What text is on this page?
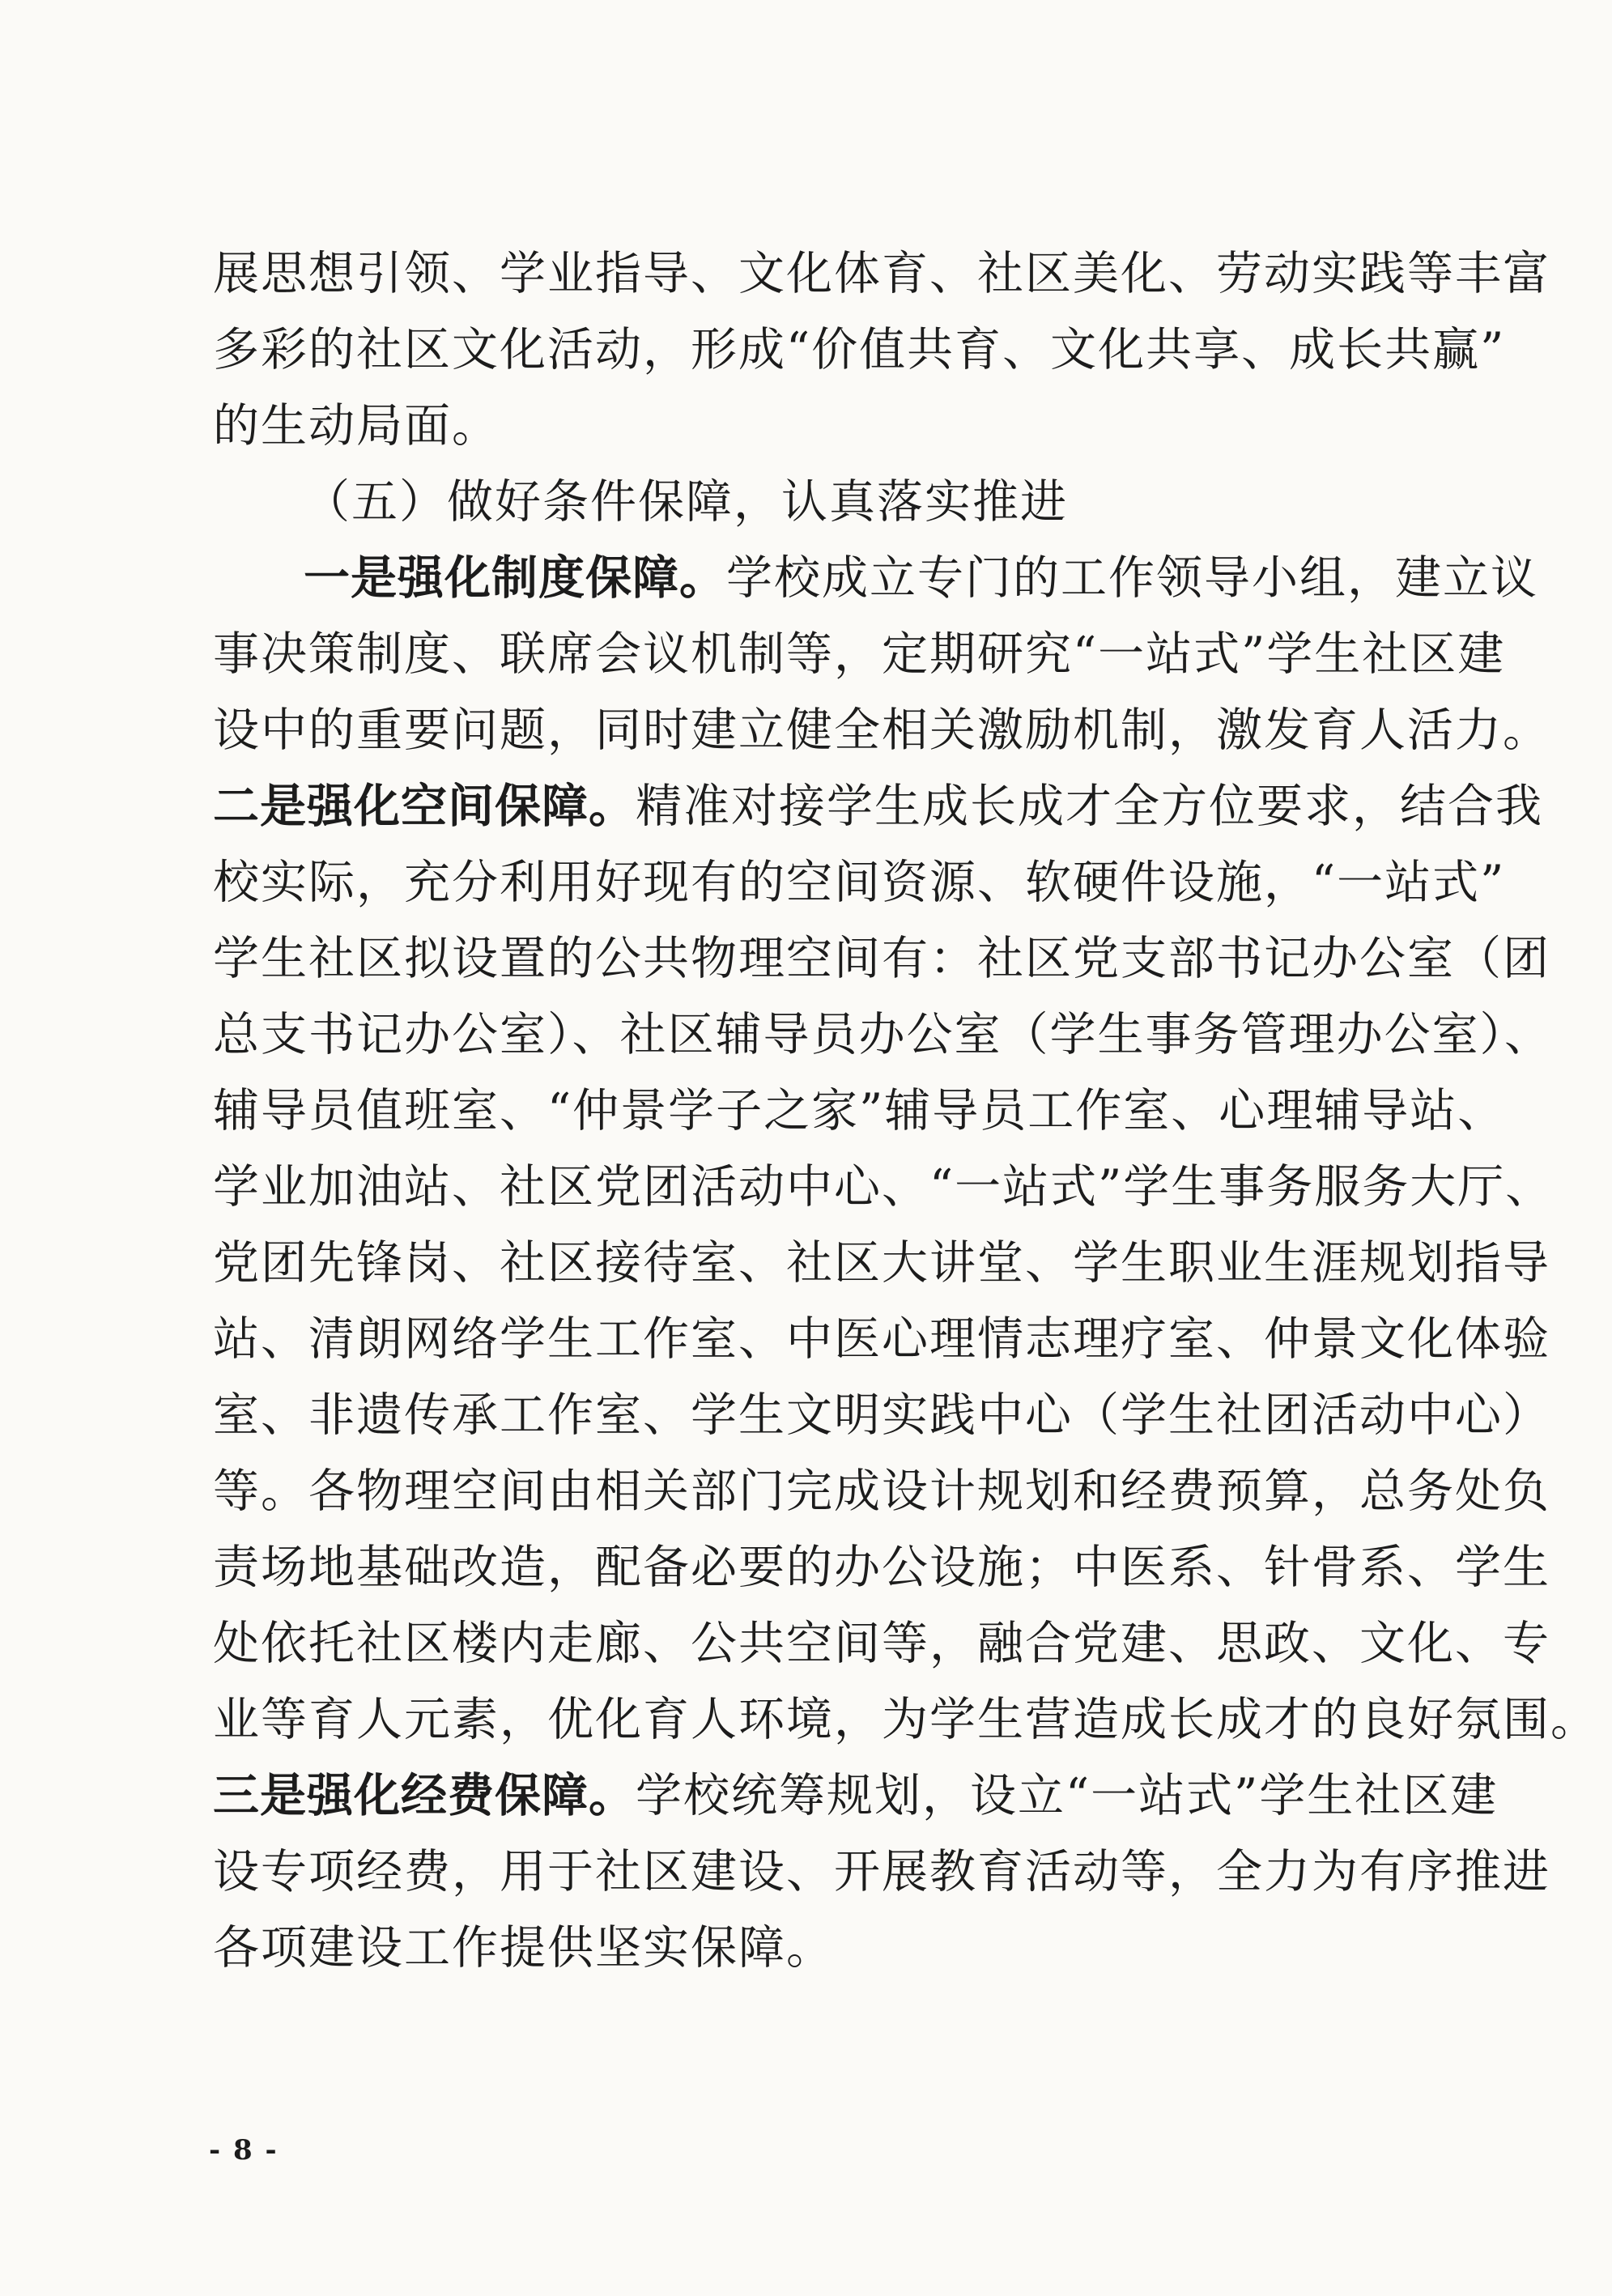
展思想引领、学业指导、文化体育、社区美化、劳动实践等丰富
多彩的社区文化活动，形成“价值共育、文化共享、成长共赢”
的生动局面。
（五）做好条件保障，认真落实推进
一是强化制度保障。学校成立专门的工作领导小组，建立议
事决策制度、联席会议机制等，定期研究“一站式”学生社区建
设中的重要问题，同时建立健全相关激励机制，激发育人活力。
二是强化空间保障。精准对接学生成长成才全方位要求，结合我
校实际，充分利用好现有的空间资源、软硬件设施，“一站式”
学生社区拟设置的公共物理空间有：社区党支部书记办公室（团
总支书记办公室）、社区辅导员办公室（学生事务管理办公室）、
辅导员值班室、“仲景学子之家”辅导员工作室、心理辅导站、
学业加油站、社区党团活动中心、“一站式”学生事务服务大厅、
党团先锋岗、社区接待室、社区大讲堂、学生职业生涯规划指导
站、清朗网络学生工作室、中医心理情志理疗室、仲景文化体验
室、非遗传承工作室、学生文明实践中心（学生社团活动中心）
等。各物理空间由相关部门完成设计规划和经费预算，总务处负
责场地基础改造，配备必要的办公设施；中医系、针骨系、学生
处依托社区楼内走廊、公共空间等，融合党建、思政、文化、专
业等育人元素，优化育人环境，为学生营造成长成才的良好氛围。
三是强化经费保障。学校统筹规划，设立“一站式”学生社区建
设专项经费，用于社区建设、开展教育活动等，全力为有序推进
各项建设工作提供坚实保障。
- 8 -
